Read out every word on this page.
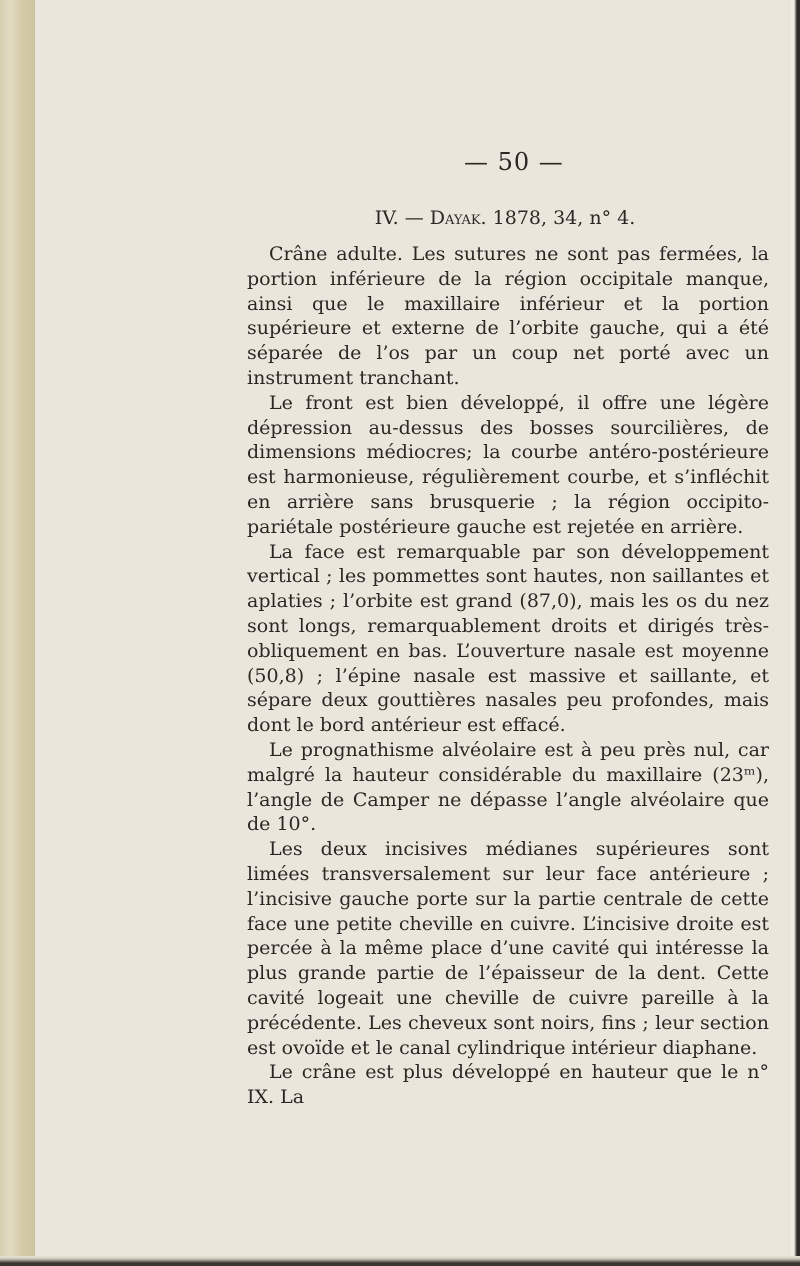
— 50 —
IV. — Dayak. 1878, 34, n° 4.

Crâne adulte. Les sutures ne sont pas fermées, la portion inférieure de la région occipitale manque, ainsi que le maxillaire inférieur et la portion supérieure et externe de l’orbite gauche, qui a été séparée de l’os par un coup net porté avec un instrument tranchant.

Le front est bien développé, il offre une légère dépression au-dessus des bosses sourcilières, de dimensions médiocres; la courbe antéro-postérieure est harmonieuse, régulièrement courbe, et s’infléchit en arrière sans brusquerie ; la région occipito-pariétale postérieure gauche est rejetée en arrière.

La face est remarquable par son développement vertical ; les pommettes sont hautes, non saillantes et aplaties ; l’orbite est grand (87,0), mais les os du nez sont longs, remarquablement droits et dirigés très-obliquement en bas. L’ouverture nasale est moyenne (50,8) ; l’épine nasale est massive et saillante, et sépare deux gouttières nasales peu profondes, mais dont le bord antérieur est effacé.

Le prognathisme alvéolaire est à peu près nul, car malgré la hauteur considérable du maxillaire (23ᵐ), l’angle de Camper ne dépasse l’angle alvéolaire que de 10°.

Les deux incisives médianes supérieures sont limées transversalement sur leur face antérieure ; l’incisive gauche porte sur la partie centrale de cette face une petite cheville en cuivre. L’incisive droite est percée à la même place d’une cavité qui intéresse la plus grande partie de l’épaisseur de la dent. Cette cavité logeait une cheville de cuivre pareille à la précédente. Les cheveux sont noirs, fins ; leur section est ovoïde et le canal cylindrique intérieur diaphane.

Le crâne est plus développé en hauteur que le n° IX. La
